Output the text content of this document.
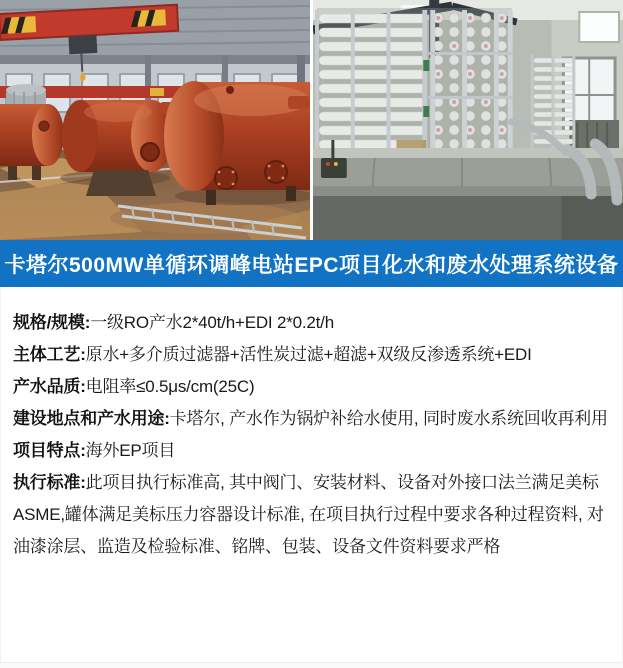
卡塔尔500MW单循环调峰电站EPC项目化水和废水处理系统设备

规格/规模:一级RO产水2*40t/h+EDI 2*0.2t/h

主体工艺:原水+多介质过滤器+活性炭过滤+超滤+双级反渗透系统+EDI

产水品质:电阻率≤0.5μs/cm(25C)

建设地点和产水用途:卡塔尔, 产水作为锅炉补给水使用, 同时废水系统回收再利用

项目特点:海外EP项目

执行标准:此项目执行标准高, 其中阀门、安装材料、设备对外接口法兰满足美标ASME,罐体满足美标压力容器设计标准, 在项目执行过程中要求各种过程资料, 对油漆涂层、监造及检验标准、铭牌、包装、设备文件资料要求严格
